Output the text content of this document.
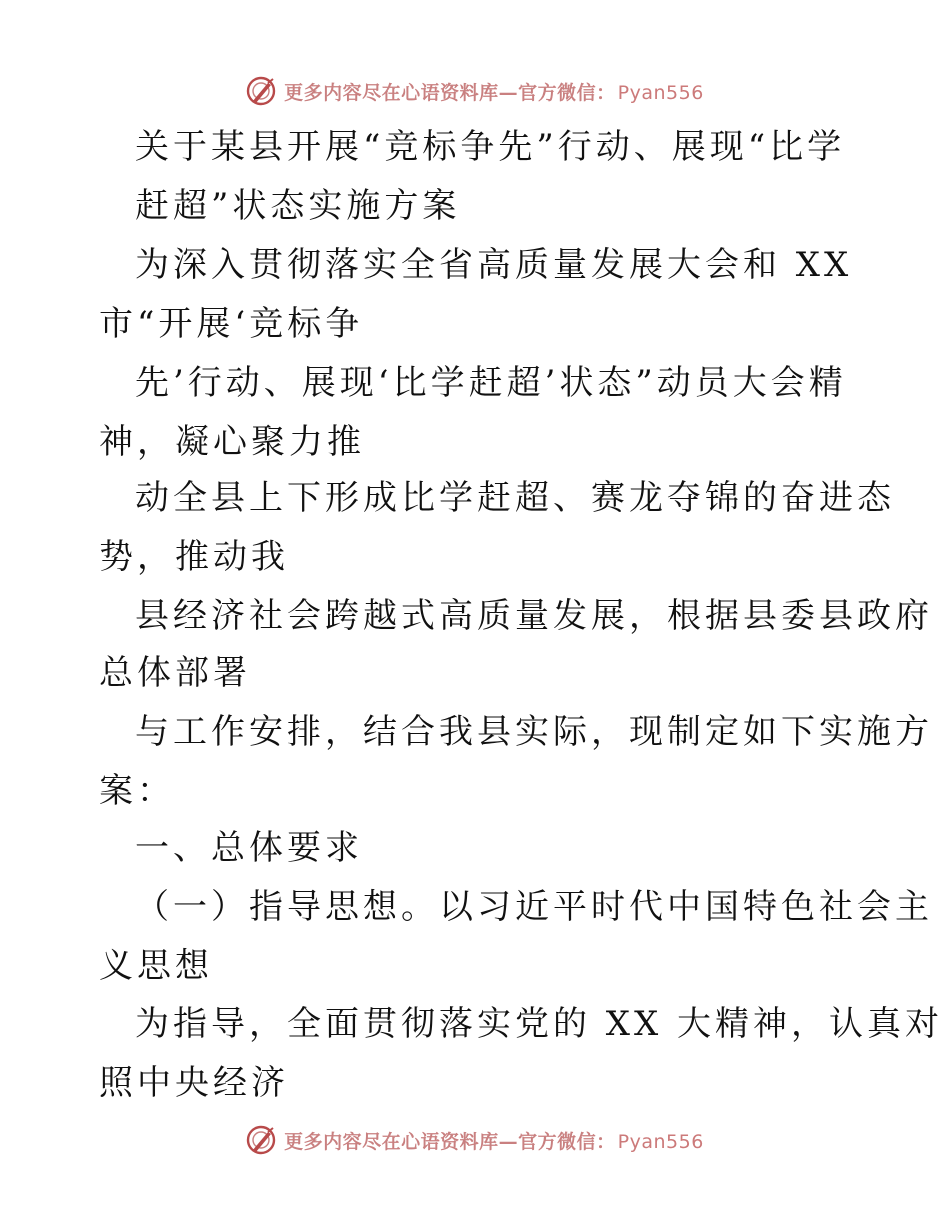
更多内容尽在心语资料库—官方微信： Pyan556
关于某县开展“竞标争先”行动、展现“比学
赶超”状态实施方案
为深入贯彻落实全省高质量发展大会和 XX
市“开展‘竞标争
先’行动、展现‘比学赶超’状态”动员大会精
神，凝心聚力推
动全县上下形成比学赶超、赛龙夺锦的奋进态
势，推动我
县经济社会跨越式高质量发展，根据县委县政府
总体部署
与工作安排，结合我县实际，现制定如下实施方
案：
一、总体要求
（一）指导思想。以习近平时代中国特色社会主
义思想
为指导，全面贯彻落实党的 XX 大精神，认真对
照中央经济
更多内容尽在心语资料库—官方微信： Pyan556
